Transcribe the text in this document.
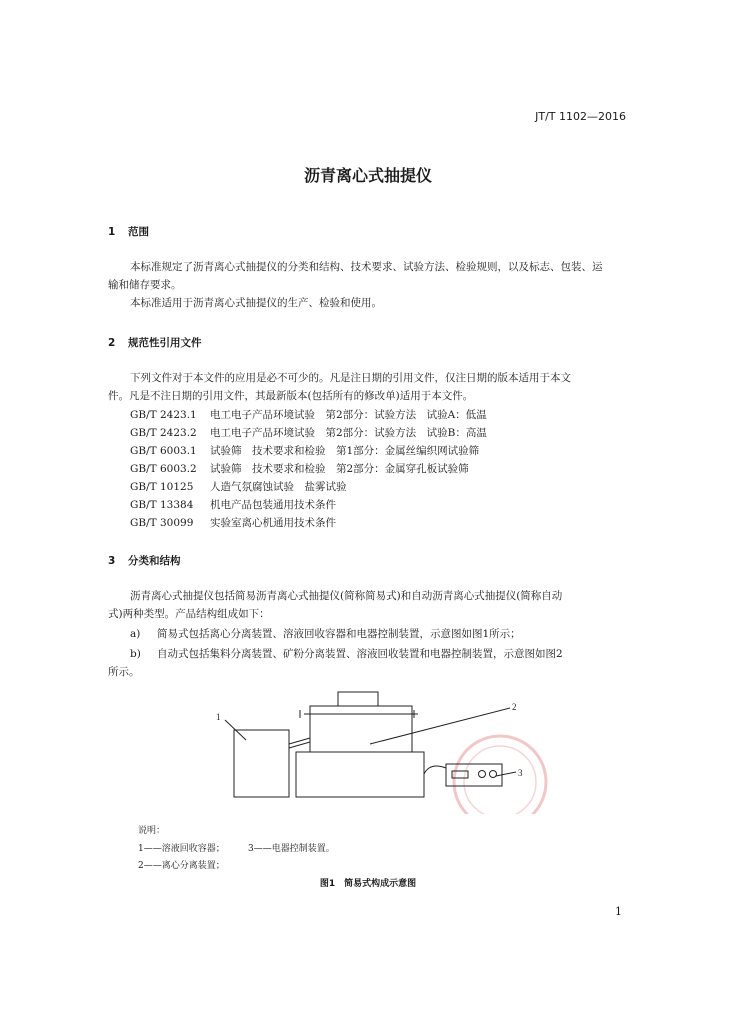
JT/T 1102—2016
沥青离心式抽提仪
1 范围
本标准规定了沥青离心式抽提仪的分类和结构、技术要求、试验方法、检验规则，以及标志、包装、运
输和储存要求。
本标准适用于沥青离心式抽提仪的生产、检验和使用。
2 规范性引用文件
下列文件对于本文件的应用是必不可少的。凡是注日期的引用文件，仅注日期的版本适用于本文
件。凡是不注日期的引用文件，其最新版本(包括所有的修改单)适用于本文件。
GB/T 2423.1 电工电子产品环境试验　第2部分：试验方法　试验A：低温
GB/T 2423.2 电工电子产品环境试验　第2部分：试验方法　试验B：高温
GB/T 6003.1 试验筛　技术要求和检验　第1部分：金属丝编织网试验筛
GB/T 6003.2 试验筛　技术要求和检验　第2部分：金属穿孔板试验筛
GB/T 10125 人造气氛腐蚀试验　盐雾试验
GB/T 13384 机电产品包装通用技术条件
GB/T 30099 实验室离心机通用技术条件
3 分类和结构
沥青离心式抽提仪包括简易沥青离心式抽提仪(简称简易式)和自动沥青离心式抽提仪(简称自动
式)两种类型。产品结构组成如下：
a) 简易式包括离心分离装置、溶液回收容器和电器控制装置，示意图如图1所示；
b) 自动式包括集料分离装置、矿粉分离装置、溶液回收装置和电器控制装置，示意图如图2
所示。
1
2
3
说明：
1——溶液回收容器；	3——电器控制装置。
2——离心分离装置；
图1　简易式构成示意图
1
